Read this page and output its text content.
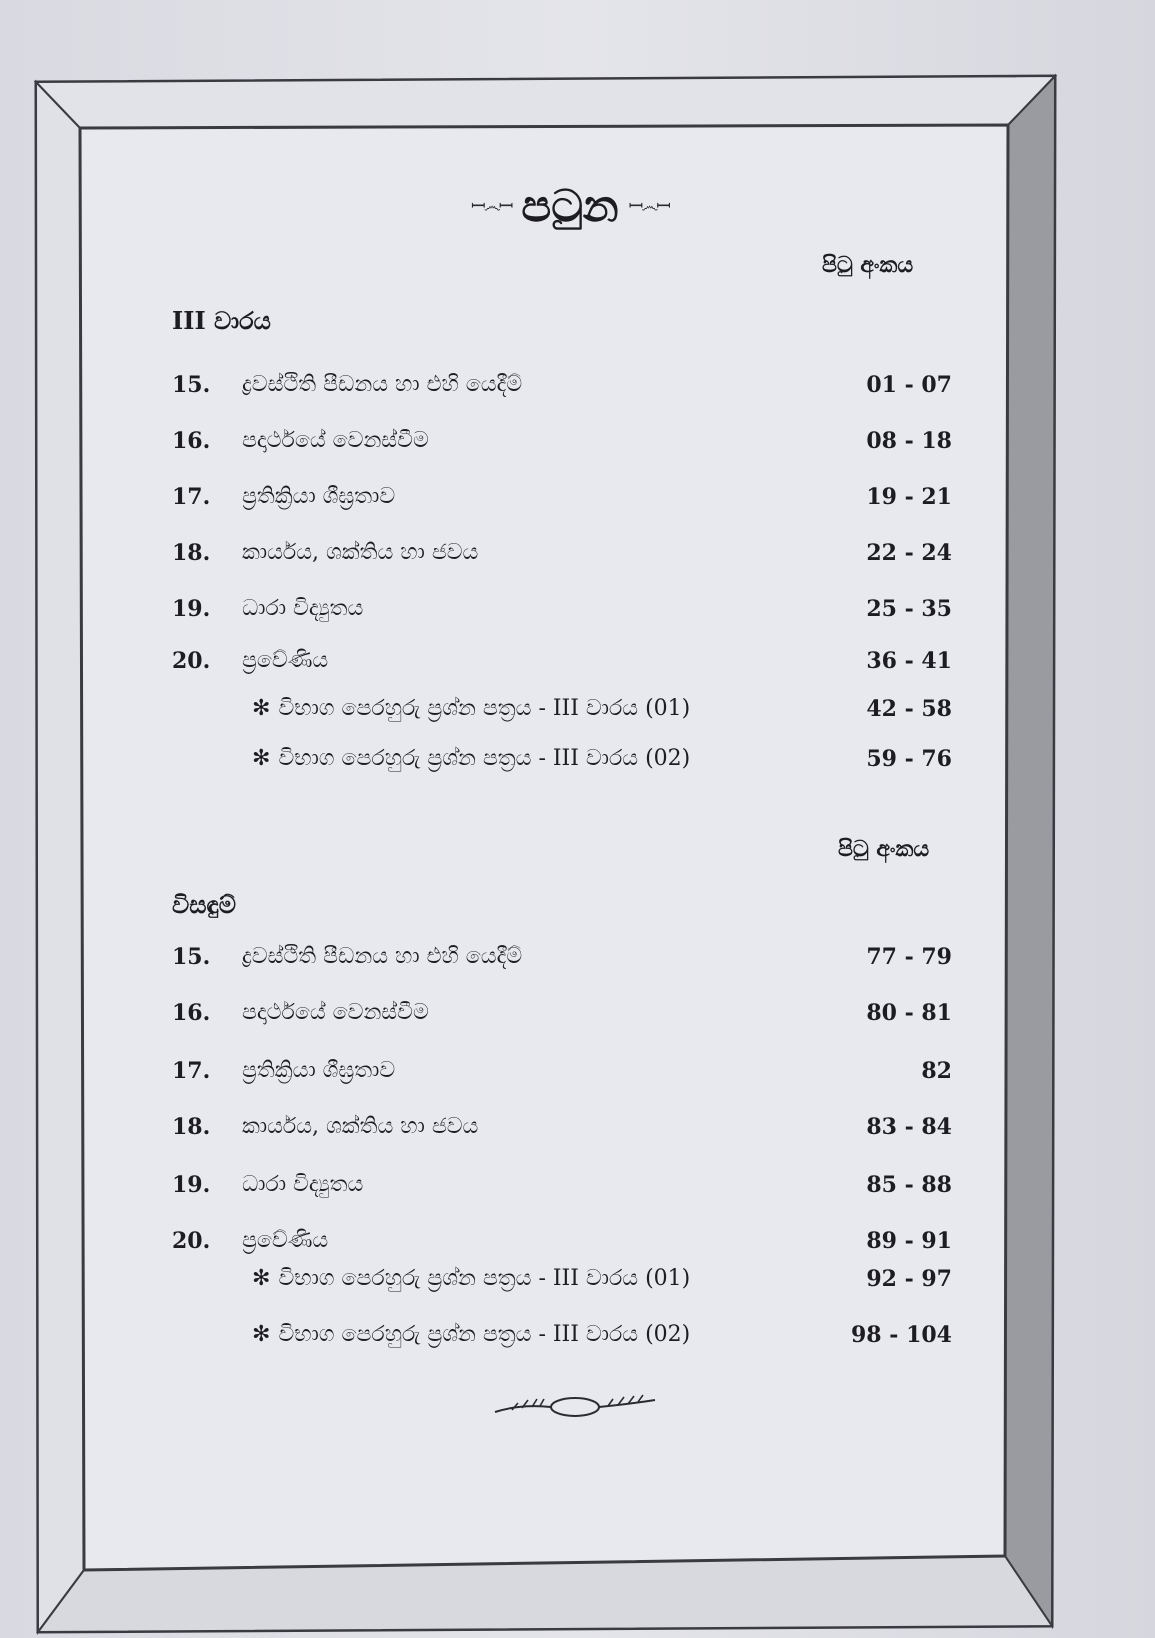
ꟷ෴ꟷ පටුන ꟷ෴ꟷ
පිටු අංකය
III වාරය
15. ද්‍රවස්ථිති පීඩනය හා එහි යෙදීම්	01 - 07
16. පදාර්ථයේ වෙනස්වීම	08 - 18
17. ප්‍රතික්‍රියා ශීඝ්‍රතාව	19 - 21
18. කාර්යය, ශක්තිය හා ජවය	22 - 24
19. ධාරා විද්‍යුතය	25 - 35
20. ප්‍රවේණිය	36 - 41
✻ විභාග පෙරහුරු ප්‍රශ්න පත්‍රය - III වාරය (01)	42 - 58
✻ විභාග පෙරහුරු ප්‍රශ්න පත්‍රය - III වාරය (02)	59 - 76
පිටු අංකය
විසඳුම්
15. ද්‍රවස්ථිති පීඩනය හා එහි යෙදීම්	77 - 79
16. පදාර්ථයේ වෙනස්වීම	80 - 81
17. ප්‍රතික්‍රියා ශීඝ්‍රතාව	82
18. කාර්යය, ශක්තිය හා ජවය	83 - 84
19. ධාරා විද්‍යුතය	85 - 88
20. ප්‍රවේණිය	89 - 91
✻ විභාග පෙරහුරු ප්‍රශ්න පත්‍රය - III වාරය (01)	92 - 97
✻ විභාග පෙරහුරු ප්‍රශ්න පත්‍රය - III වාරය (02)	98 - 104
